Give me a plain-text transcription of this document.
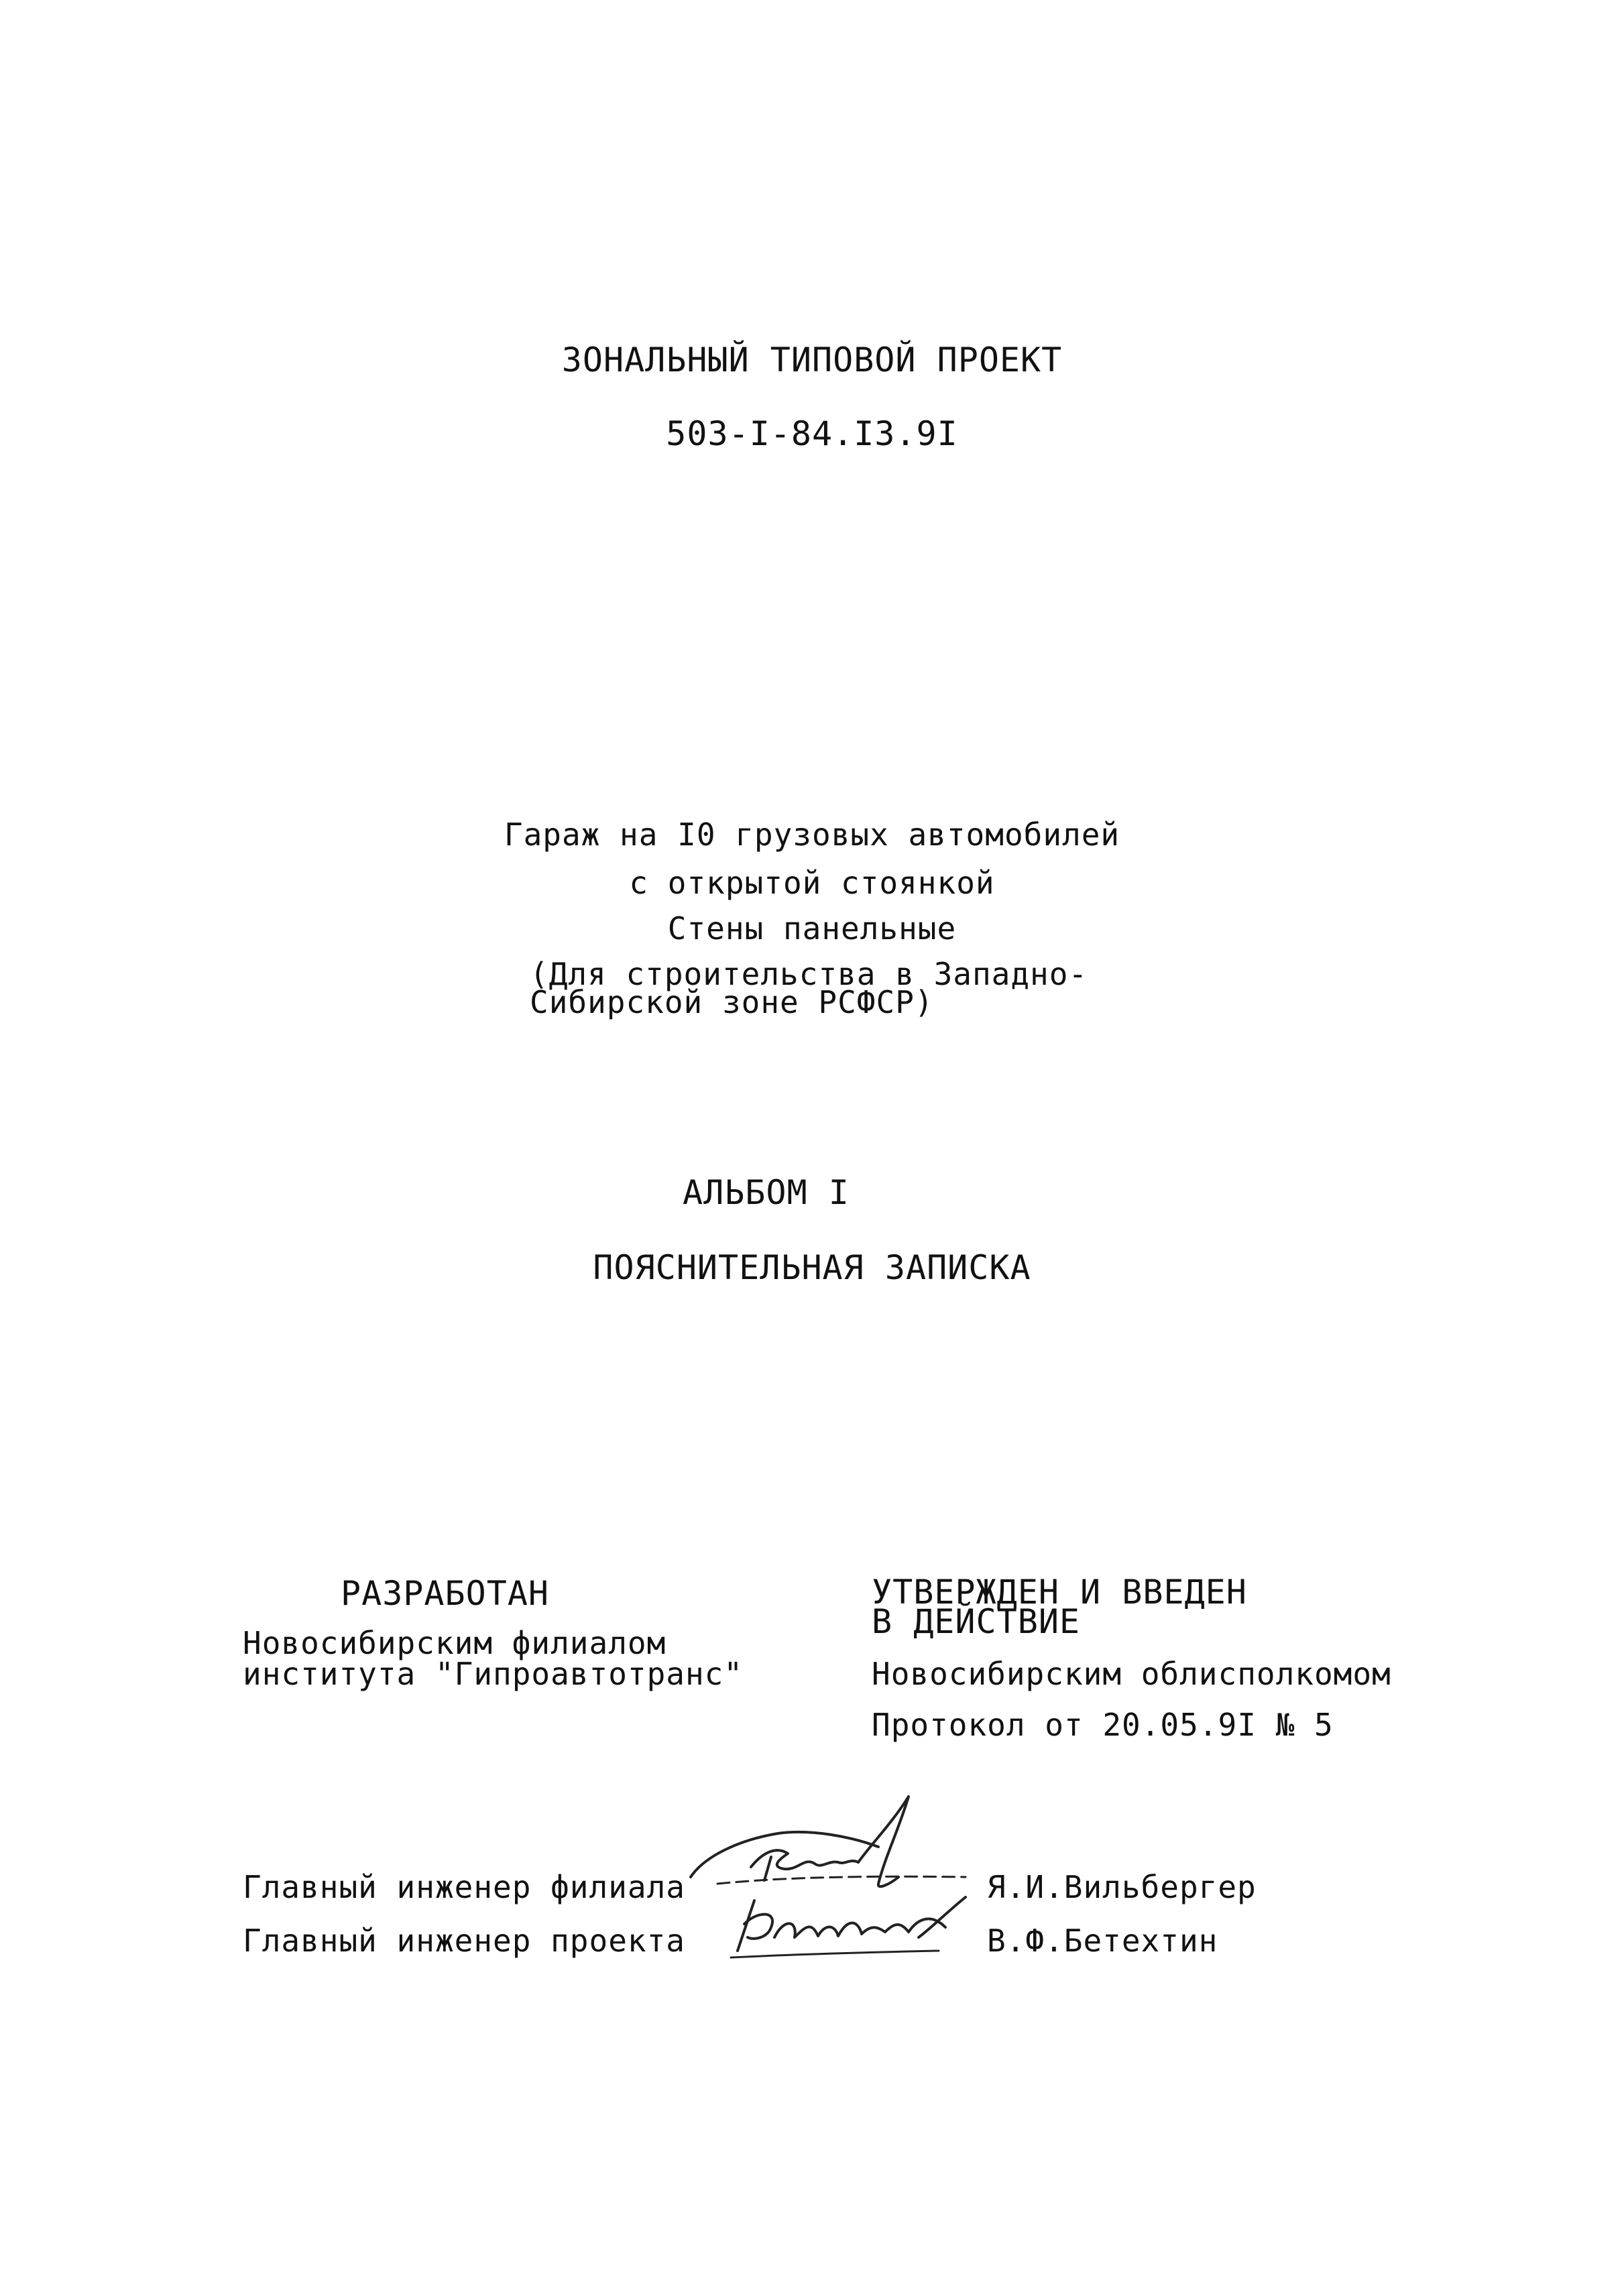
ЗОНАЛЬНЫЙ ТИПОВОЙ ПРОЕКТ
503-I-84.I3.9I
Гараж на I0 грузовых автомобилей
с открытой стоянкой
Стены панельные
(Для строительства в Западно-
Сибирской зоне РСФСР)
АЛЬБОМ I
ПОЯСНИТЕЛЬНАЯ ЗАПИСКА
РАЗРАБОТАН
Новосибирским филиалом
института "Гипроавтотранс"
УТВЕРЖДЕН И ВВЕДЕН
В ДЕЙСТВИЕ
Новосибирским облисполкомом
Протокол от 20.05.9I № 5
Главный инженер филиала	Я.И.Вильбергер
Главный инженер проекта	В.Ф.Бетехтин
